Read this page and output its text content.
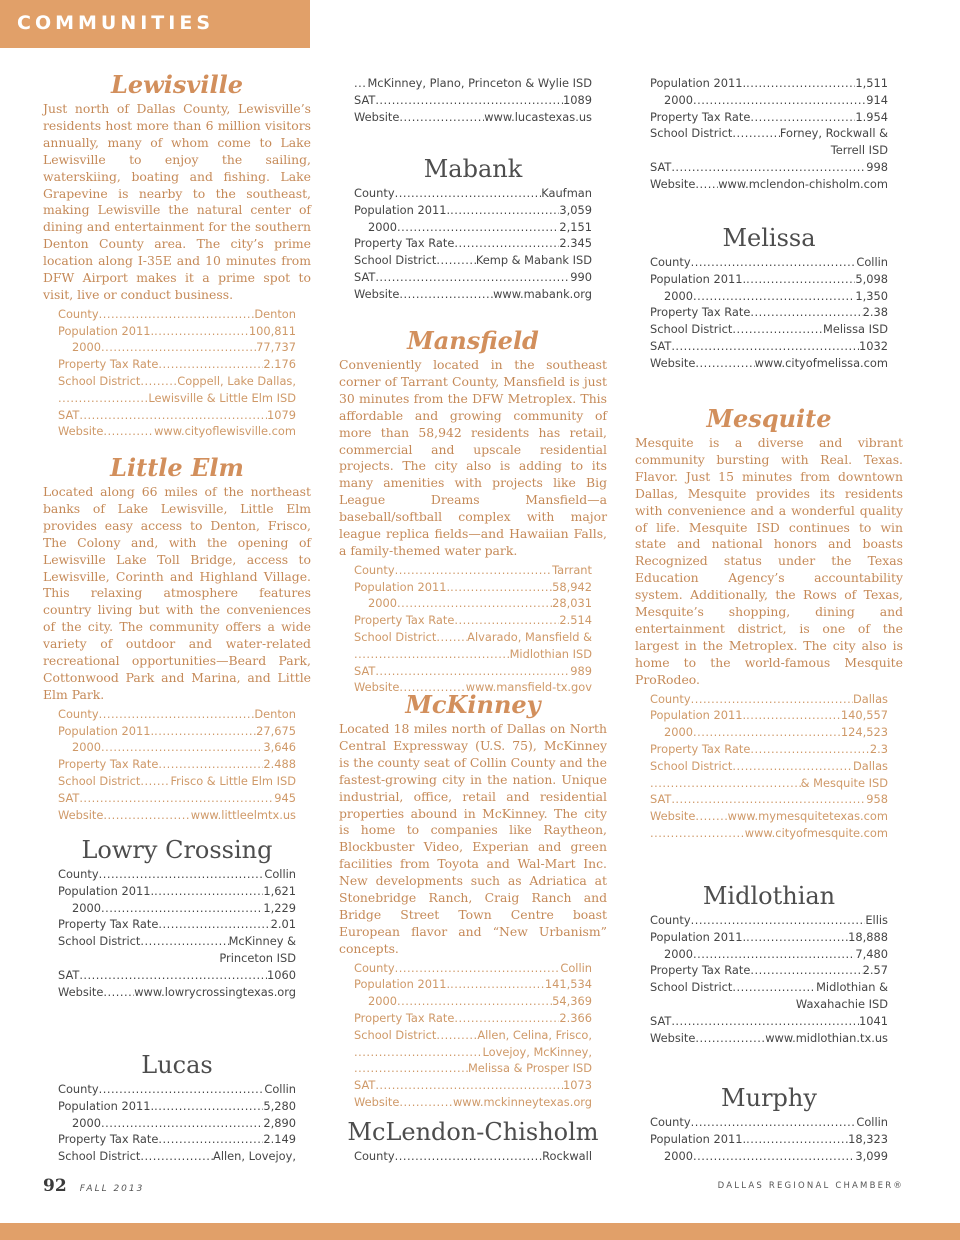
COMMUNITIES
Lewisville

Just north of Dallas County, Lewisville’s residents host more than 6 million visitors annually, many of whom come to Lake Lewisville to enjoy the sailing, waterskiing, boating and fishing. Lake Grapevine is nearby to the southeast, making Lewisville the natural center of dining and entertainment for the southern Denton County area. The city’s prime location along I-35E and 10 minutes from DFW Airport makes it a prime spot to visit, live or conduct business.

County .....	Denton
Population 2011. .....	100,811
2000 .....	77,737
Property Tax Rate .....	2.176
School District .....	Coppell, Lake Dallas,
.....
Lewisville & Little Elm ISD
SAT .....	1079
Website .....	www.cityoflewisville.com
Little Elm

Located along 66 miles of the northeast banks of Lake Lewisville, Little Elm provides easy access to Denton, Frisco, The Colony and, with the opening of Lewisville Lake Toll Bridge, access to Lewisville, Corinth and Highland Village. This relaxing atmosphere features country living but with the conveniences of the city. The community offers a wide variety of outdoor and water-related recreational opportunities—Beard Park, Cottonwood Park and Marina, and Little Elm Park.

County .....	Denton
Population 2011. .....	27,675
2000 .....	3,646
Property Tax Rate .....	2.488
School District .....	Frisco & Little Elm ISD
SAT .....	945
Website .....	www.littleelmtx.us
Lowry Crossing
County .....	Collin
Population 2011. .....	1,621
2000 .....	1,229
Property Tax Rate .....	2.01
School District .....	McKinney &
Princeton ISD
SAT .....	1060
Website .....	www.lowrycrossingtexas.org
Lucas
County .....	Collin
Population 2011. .....	5,280
2000 .....	2,890
Property Tax Rate .....	2.149
School District .....	Allen, Lovejoy,
.....
McKinney, Plano, Princeton & Wylie ISD
SAT .....	1089
Website .....	www.lucastexas.us
Mabank
County .....	Kaufman
Population 2011. .....	3,059
2000 .....	2,151
Property Tax Rate .....	2.345
School District .....	Kemp & Mabank ISD
SAT .....	990
Website .....	www.mabank.org
Mansfield

Conveniently located in the southeast corner of Tarrant County, Mansfield is just 30 minutes from the DFW Metroplex. This affordable and growing community of more than 58,942 residents has retail, commercial and upscale residential projects. The city also is adding to its many amenities with projects like Big League Dreams Mansfield—a baseball/softball complex with major league replica fields—and Hawaiian Falls, a family-themed water park.

County .....	Tarrant
Population 2011. .....	58,942
2000 .....	28,031
Property Tax Rate .....	2.514
School District .....	Alvarado, Mansfield &
.....
Midlothian ISD
SAT .....	989
Website .....	www.mansfield-tx.gov
McKinney

Located 18 miles north of Dallas on North Central Expressway (U.S. 75), McKinney is the county seat of Collin County and the fastest-growing city in the nation. Unique industrial, office, retail and residential properties abound in McKinney. The city is home to companies like Raytheon, Blockbuster Video, Experian and green facilities from Toyota and Wal-Mart Inc. New developments such as Adriatica at Stonebridge Ranch, Craig Ranch and Bridge Street Town Centre boast European flavor and “New Urbanism” concepts.

County .....	Collin
Population 2011. .....	141,534
2000 .....	54,369
Property Tax Rate .....	2.366
School District .....	Allen, Celina, Frisco,
.....
Lovejoy, McKinney,
.....
Melissa & Prosper ISD
SAT .....	1073
Website .....	www.mckinneytexas.org
McLendon-Chisholm
County .....	Rockwall
Population 2011. .....	1,511
2000 .....	914
Property Tax Rate .....	1.954
School District .....	Forney, Rockwall &
Terrell ISD
SAT .....	998
Website ..... www.mclendon-chisholm.com
Melissa
County .....	Collin
Population 2011. .....	5,098
2000 .....	1,350
Property Tax Rate .....	2.38
School District .....	Melissa ISD
SAT .....	1032
Website .....	www.cityofmelissa.com
Mesquite

Mesquite is a diverse and vibrant community bursting with Real. Texas. Flavor. Just 15 minutes from downtown Dallas, Mesquite provides its residents with convenience and a wonderful quality of life. Mesquite ISD continues to win state and national honors and boasts Recognized status under the Texas Education Agency’s accountability system. Additionally, the Rows of Texas, Mesquite’s shopping, dining and entertainment district, is one of the largest in the Metroplex. The city also is home to the world-famous Mesquite ProRodeo.

County .....	Dallas
Population 2011. .....	140,557
2000 .....	124,523
Property Tax Rate .....	2.3
School District .....	Dallas
.....
& Mesquite ISD
SAT .....	958
Website .....	www.mymesquitetexas.com
.....
www.cityofmesquite.com
Midlothian
County .....	Ellis
Population 2011. .....	18,888
2000 .....	7,480
Property Tax Rate .....	2.57
School District .....	Midlothian &
Waxahachie ISD
SAT .....	1041
Website .....	www.midlothian.tx.us
Murphy
County .....	Collin
Population 2011. .....	18,323
2000 .....	3,099
92 FALL 2013	DALLAS REGIONAL CHAMBER®
